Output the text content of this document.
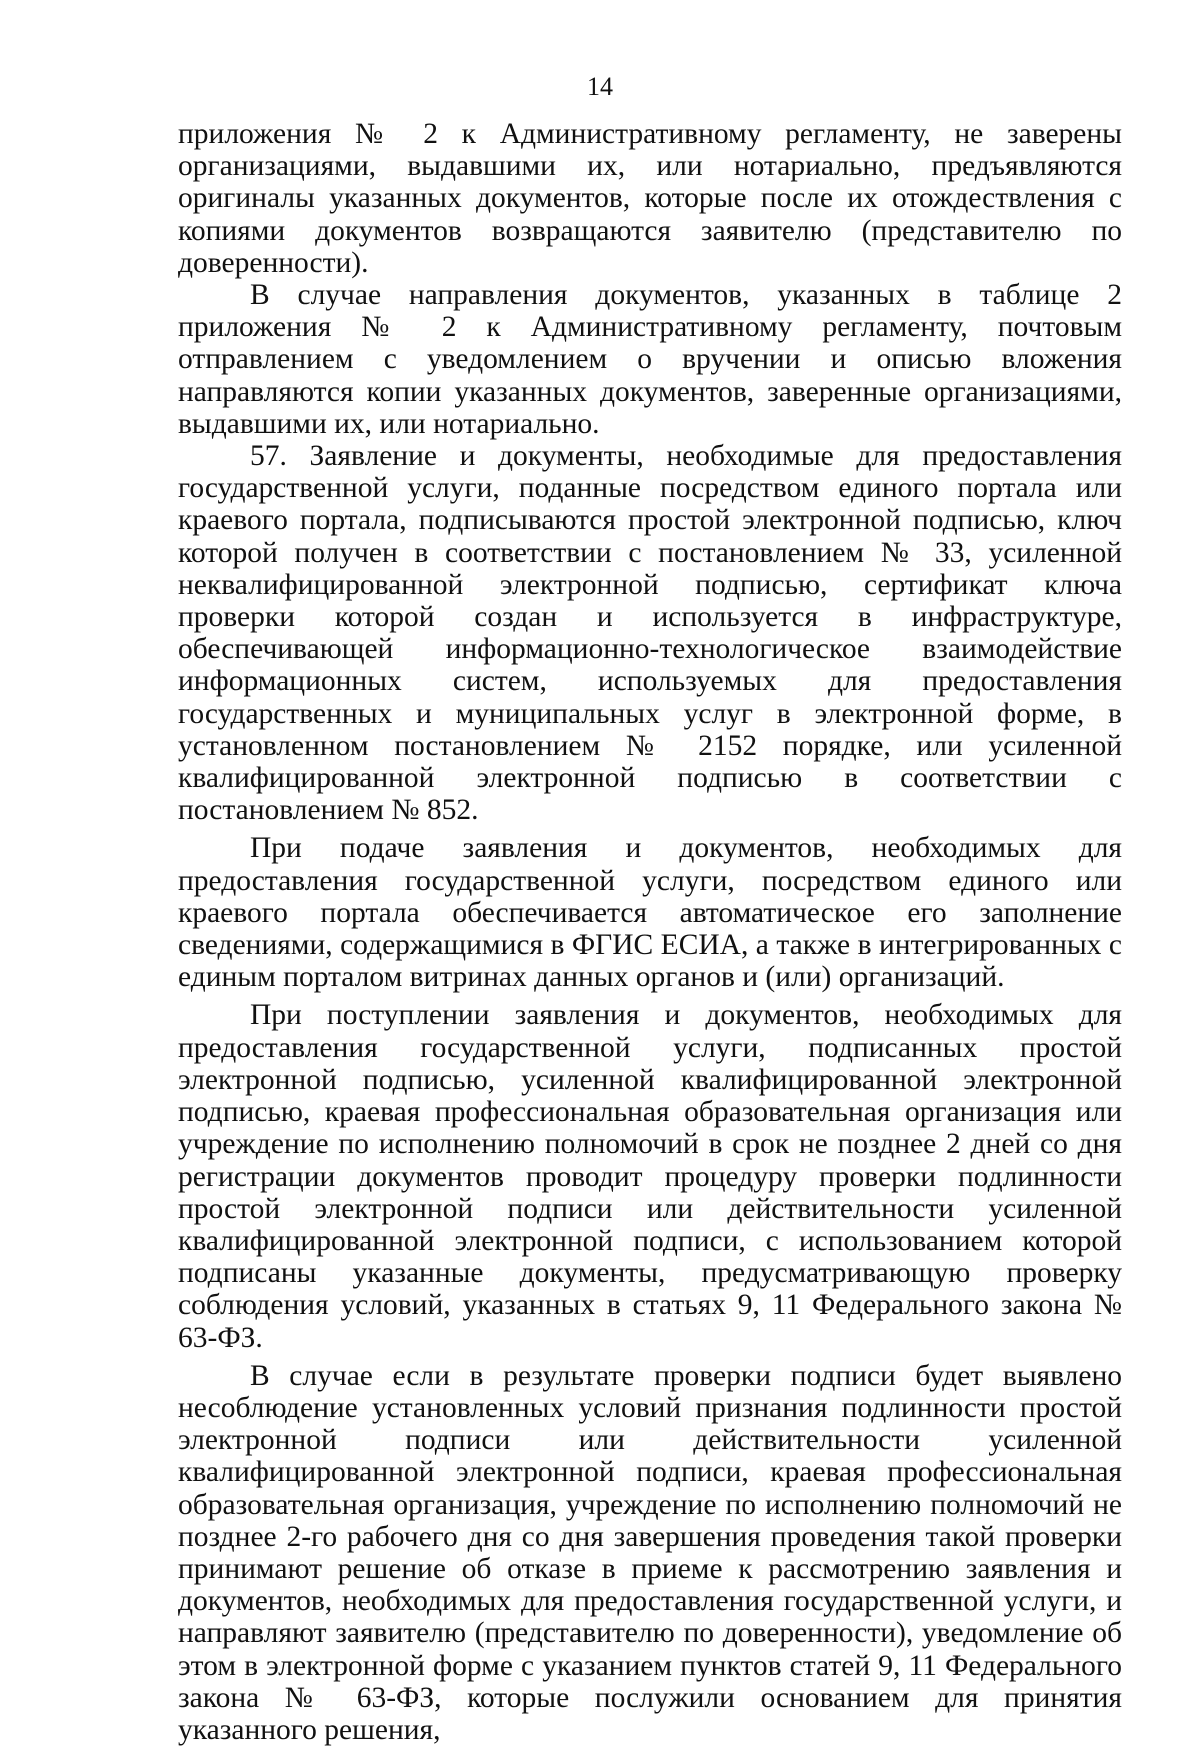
14

приложения № 2 к Административному регламенту, не заверены организациями, выдавшими их, или нотариально, предъявляются оригиналы указанных документов, которые после их отождествления с копиями документов возвращаются заявителю (представителю по доверенности).

В случае направления документов, указанных в таблице 2 приложения № 2 к Административному регламенту, почтовым отправлением с уведомлением о вручении и описью вложения направляются копии указанных документов, заверенные организациями, выдавшими их, или нотариально.

57. Заявление и документы, необходимые для предоставления государственной услуги, поданные посредством единого портала или краевого портала, подписываются простой электронной подписью, ключ которой получен в соответствии с постановлением № 33, усиленной неквалифицированной электронной подписью, сертификат ключа проверки которой создан и используется в инфраструктуре, обеспечивающей информационно-технологическое взаимодействие информационных систем, используемых для предоставления государственных и муниципальных услуг в электронной форме, в установленном постановлением № 2152 порядке, или усиленной квалифицированной электронной подписью в соответствии с постановлением № 852.

При подаче заявления и документов, необходимых для предоставления государственной услуги, посредством единого или краевого портала обеспечивается автоматическое его заполнение сведениями, содержащимися в ФГИС ЕСИА, а также в интегрированных с единым порталом витринах данных органов и (или) организаций.

При поступлении заявления и документов, необходимых для предоставления государственной услуги, подписанных простой электронной подписью, усиленной квалифицированной электронной подписью, краевая профессиональная образовательная организация или учреждение по исполнению полномочий в срок не позднее 2 дней со дня регистрации документов проводит процедуру проверки подлинности простой электронной подписи или действительности усиленной квалифицированной электронной подписи, с использованием которой подписаны указанные документы, предусматривающую проверку соблюдения условий, указанных в статьях 9, 11 Федерального закона № 63-ФЗ.

В случае если в результате проверки подписи будет выявлено несоблюдение установленных условий признания подлинности простой электронной подписи или действительности усиленной квалифицированной электронной подписи, краевая профессиональная образовательная организация, учреждение по исполнению полномочий не позднее 2-го рабочего дня со дня завершения проведения такой проверки принимают решение об отказе в приеме к рассмотрению заявления и документов, необходимых для предоставления государственной услуги, и направляют заявителю (представителю по доверенности), уведомление об этом в электронной форме с указанием пунктов статей 9, 11 Федерального закона № 63-ФЗ, которые послужили основанием для принятия указанного решения,
